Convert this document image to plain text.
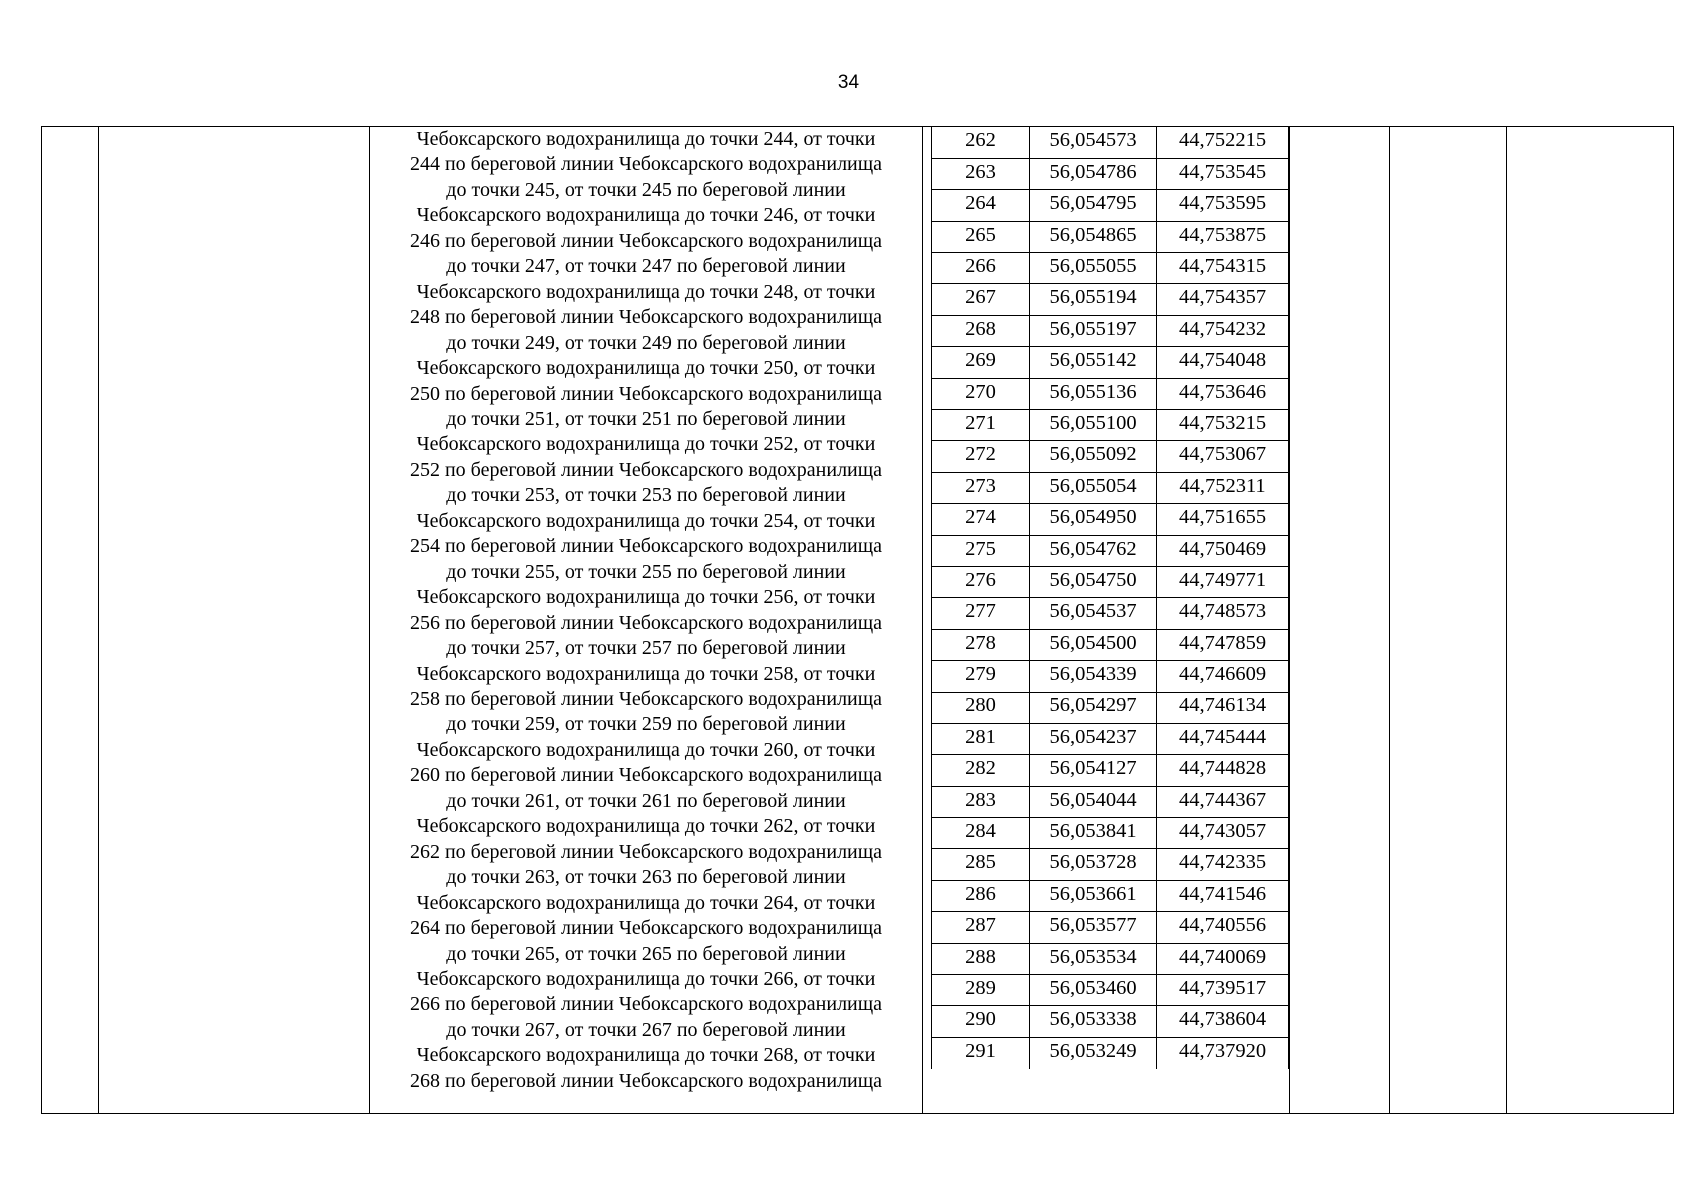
34

Чебоксарского водохранилища до точки 244, от точки
244 по береговой линии Чебоксарского водохранилища
до точки 245, от точки 245 по береговой линии
Чебоксарского водохранилища до точки 246, от точки
246 по береговой линии Чебоксарского водохранилища
до точки 247, от точки 247 по береговой линии
Чебоксарского водохранилища до точки 248, от точки
248 по береговой линии Чебоксарского водохранилища
до точки 249, от точки 249 по береговой линии
Чебоксарского водохранилища до точки 250, от точки
250 по береговой линии Чебоксарского водохранилища
до точки 251, от точки 251 по береговой линии
Чебоксарского водохранилища до точки 252, от точки
252 по береговой линии Чебоксарского водохранилища
до точки 253, от точки 253 по береговой линии
Чебоксарского водохранилища до точки 254, от точки
254 по береговой линии Чебоксарского водохранилища
до точки 255, от точки 255 по береговой линии
Чебоксарского водохранилища до точки 256, от точки
256 по береговой линии Чебоксарского водохранилища
до точки 257, от точки 257 по береговой линии
Чебоксарского водохранилища до точки 258, от точки
258 по береговой линии Чебоксарского водохранилища
до точки 259, от точки 259 по береговой линии
Чебоксарского водохранилища до точки 260, от точки
260 по береговой линии Чебоксарского водохранилища
до точки 261, от точки 261 по береговой линии
Чебоксарского водохранилища до точки 262, от точки
262 по береговой линии Чебоксарского водохранилища
до точки 263, от точки 263 по береговой линии
Чебоксарского водохранилища до точки 264, от точки
264 по береговой линии Чебоксарского водохранилища
до точки 265, от точки 265 по береговой линии
Чебоксарского водохранилища до точки 266, от точки
266 по береговой линии Чебоксарского водохранилища
до точки 267, от точки 267 по береговой линии
Чебоксарского водохранилища до точки 268, от точки
268 по береговой линии Чебоксарского водохранилища

262	56,054573	44,752215
263	56,054786	44,753545
264	56,054795	44,753595
265	56,054865	44,753875
266	56,055055	44,754315
267	56,055194	44,754357
268	56,055197	44,754232
269	56,055142	44,754048
270	56,055136	44,753646
271	56,055100	44,753215
272	56,055092	44,753067
273	56,055054	44,752311
274	56,054950	44,751655
275	56,054762	44,750469
276	56,054750	44,749771
277	56,054537	44,748573
278	56,054500	44,747859
279	56,054339	44,746609
280	56,054297	44,746134
281	56,054237	44,745444
282	56,054127	44,744828
283	56,054044	44,744367
284	56,053841	44,743057
285	56,053728	44,742335
286	56,053661	44,741546
287	56,053577	44,740556
288	56,053534	44,740069
289	56,053460	44,739517
290	56,053338	44,738604
291	56,053249	44,737920
